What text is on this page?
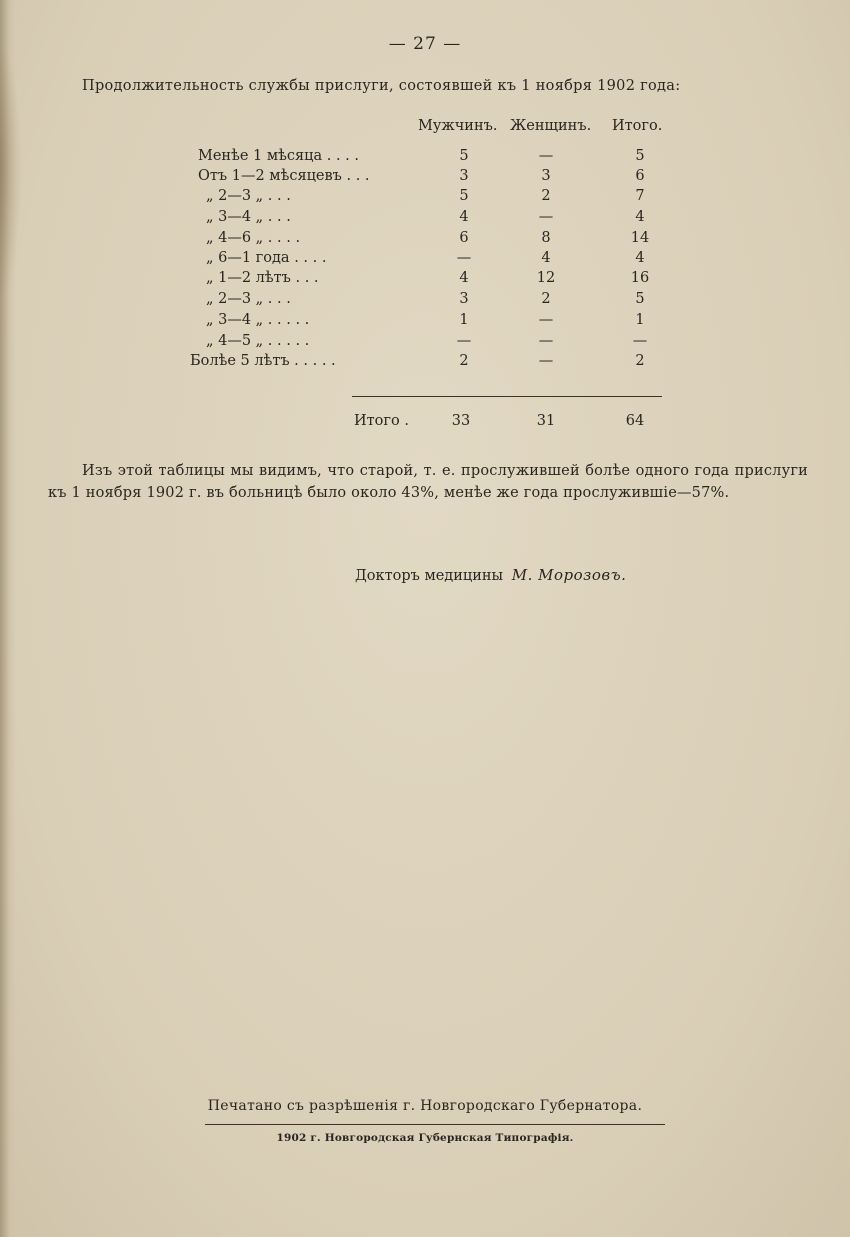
— 27 —
Продолжительность службы прислуги, состоявшей къ 1 ноября 1902 года:
Мужчинъ. Женщинъ. Итого.
Менѣе 1 мѣсяца . . . .	5	—	5
Отъ 1—2 мѣсяцевъ . . .	3	3	6
„ 2—3 „ . . .	5	2	7
„ 3—4 „ . . .	4	—	4
„ 4—6 „ . . . .	6	8	14
„ 6—1 года . . . .	—	4	4
„ 1—2 лѣтъ . . .	4	12	16
„ 2—3 „ . . .	3	2	5
„ 3—4 „ . . . . .	1	—	1
„ 4—5 „ . . . . .	—	—	—
Болѣе 5 лѣтъ . . . . .	2	—	2
Итого .	33	31	64
Изъ этой таблицы мы видимъ, что старой, т. е. прослужившей болѣе одного года прислуги къ 1 ноября 1902 г. въ больницѣ было около 43%, менѣе же года прослужившіе—57%.
Докторъ медицины М. Морозовъ.
Печатано съ разрѣшенія г. Новгородскаго Губернатора.
1902 г. Новгородская Губернская Типографія.
